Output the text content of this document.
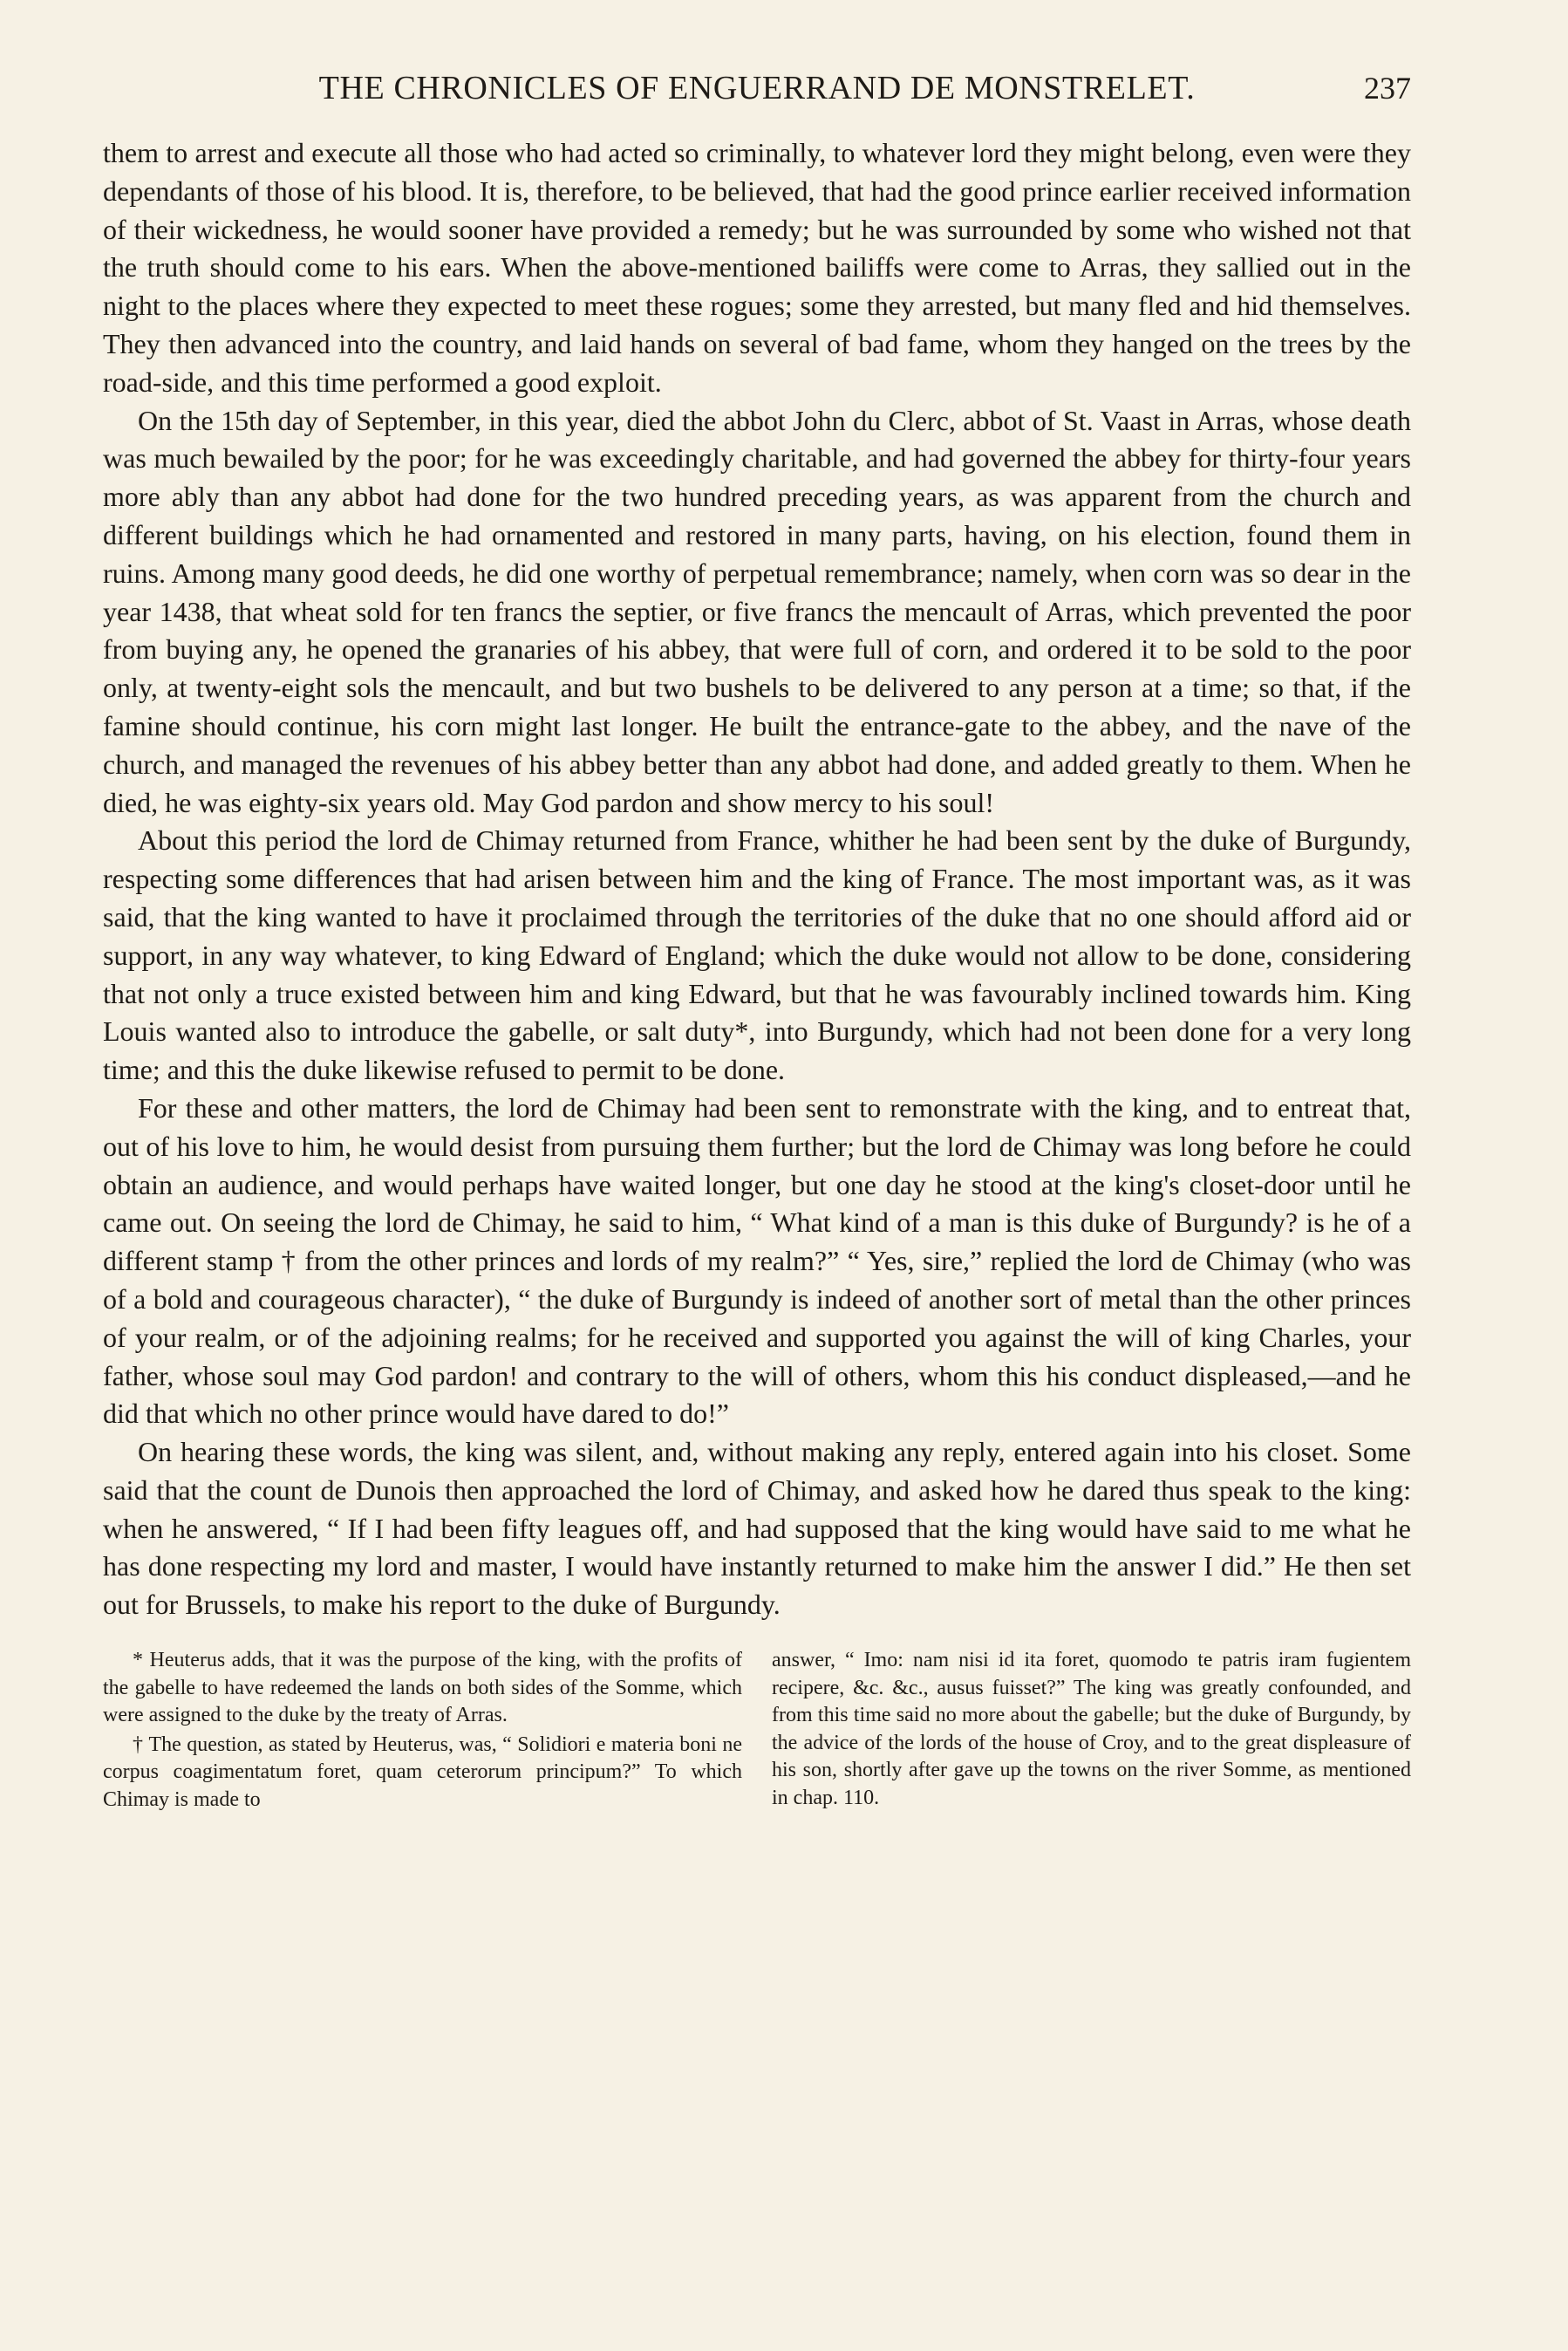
THE CHRONICLES OF ENGUERRAND DE MONSTRELET.	237

them to arrest and execute all those who had acted so criminally, to whatever lord they might belong, even were they dependants of those of his blood. It is, therefore, to be believed, that had the good prince earlier received information of their wickedness, he would sooner have provided a remedy; but he was surrounded by some who wished not that the truth should come to his ears. When the above-mentioned bailiffs were come to Arras, they sallied out in the night to the places where they expected to meet these rogues; some they arrested, but many fled and hid themselves. They then advanced into the country, and laid hands on several of bad fame, whom they hanged on the trees by the road-side, and this time performed a good exploit.

On the 15th day of September, in this year, died the abbot John du Clerc, abbot of St. Vaast in Arras, whose death was much bewailed by the poor; for he was exceedingly charitable, and had governed the abbey for thirty-four years more ably than any abbot had done for the two hundred preceding years, as was apparent from the church and different buildings which he had ornamented and restored in many parts, having, on his election, found them in ruins. Among many good deeds, he did one worthy of perpetual remembrance; namely, when corn was so dear in the year 1438, that wheat sold for ten francs the septier, or five francs the mencault of Arras, which prevented the poor from buying any, he opened the granaries of his abbey, that were full of corn, and ordered it to be sold to the poor only, at twenty-eight sols the mencault, and but two bushels to be delivered to any person at a time; so that, if the famine should continue, his corn might last longer. He built the entrance-gate to the abbey, and the nave of the church, and managed the revenues of his abbey better than any abbot had done, and added greatly to them. When he died, he was eighty-six years old. May God pardon and show mercy to his soul!

About this period the lord de Chimay returned from France, whither he had been sent by the duke of Burgundy, respecting some differences that had arisen between him and the king of France. The most important was, as it was said, that the king wanted to have it proclaimed through the territories of the duke that no one should afford aid or support, in any way whatever, to king Edward of England; which the duke would not allow to be done, considering that not only a truce existed between him and king Edward, but that he was favourably inclined towards him. King Louis wanted also to introduce the gabelle, or salt duty*, into Burgundy, which had not been done for a very long time; and this the duke likewise refused to permit to be done.

For these and other matters, the lord de Chimay had been sent to remonstrate with the king, and to entreat that, out of his love to him, he would desist from pursuing them further; but the lord de Chimay was long before he could obtain an audience, and would perhaps have waited longer, but one day he stood at the king's closet-door until he came out. On seeing the lord de Chimay, he said to him, “ What kind of a man is this duke of Burgundy? is he of a different stamp † from the other princes and lords of my realm?” “ Yes, sire,” replied the lord de Chimay (who was of a bold and courageous character), “ the duke of Burgundy is indeed of another sort of metal than the other princes of your realm, or of the adjoining realms; for he received and supported you against the will of king Charles, your father, whose soul may God pardon! and contrary to the will of others, whom this his conduct displeased,—and he did that which no other prince would have dared to do!”

On hearing these words, the king was silent, and, without making any reply, entered again into his closet. Some said that the count de Dunois then approached the lord of Chimay, and asked how he dared thus speak to the king: when he answered, “ If I had been fifty leagues off, and had supposed that the king would have said to me what he has done respecting my lord and master, I would have instantly returned to make him the answer I did.” He then set out for Brussels, to make his report to the duke of Burgundy.

* Heuterus adds, that it was the purpose of the king, with the profits of the gabelle to have redeemed the lands on both sides of the Somme, which were assigned to the duke by the treaty of Arras.

† The question, as stated by Heuterus, was, “ Solidiori e materia boni ne corpus coagimentatum foret, quam ceterorum principum?” To which Chimay is made to

answer, “ Imo: nam nisi id ita foret, quomodo te patris iram fugientem recipere, &c. &c., ausus fuisset?” The king was greatly confounded, and from this time said no more about the gabelle; but the duke of Burgundy, by the advice of the lords of the house of Croy, and to the great displeasure of his son, shortly after gave up the towns on the river Somme, as mentioned in chap. 110.
